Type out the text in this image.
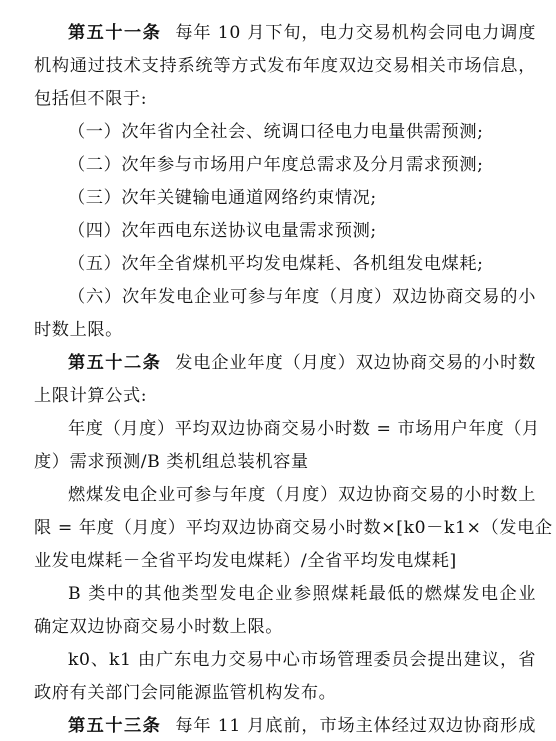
第五十一条 每年 10 月下旬，电力交易机构会同电力调度
机构通过技术支持系统等方式发布年度双边交易相关市场信息，
包括但不限于:
（一）次年省内全社会、统调口径电力电量供需预测;
（二）次年参与市场用户年度总需求及分月需求预测;
（三）次年关键输电通道网络约束情况;
（四）次年西电东送协议电量需求预测;
（五）次年全省煤机平均发电煤耗、各机组发电煤耗;
（六）次年发电企业可参与年度（月度）双边协商交易的小
时数上限。
第五十二条 发电企业年度（月度）双边协商交易的小时数
上限计算公式:
年度（月度）平均双边协商交易小时数 = 市场用户年度（月
度）需求预测/B 类机组总装机容量
燃煤发电企业可参与年度（月度）双边协商交易的小时数上
限 = 年度（月度）平均双边协商交易小时数×[k0－k1×（发电企
业发电煤耗－全省平均发电煤耗）/全省平均发电煤耗]
B 类中的其他类型发电企业参照煤耗最低的燃煤发电企业
确定双边协商交易小时数上限。
k0、k1 由广东电力交易中心市场管理委员会提出建议，省
政府有关部门会同能源监管机构发布。
第五十三条 每年 11 月底前，市场主体经过双边协商形成
